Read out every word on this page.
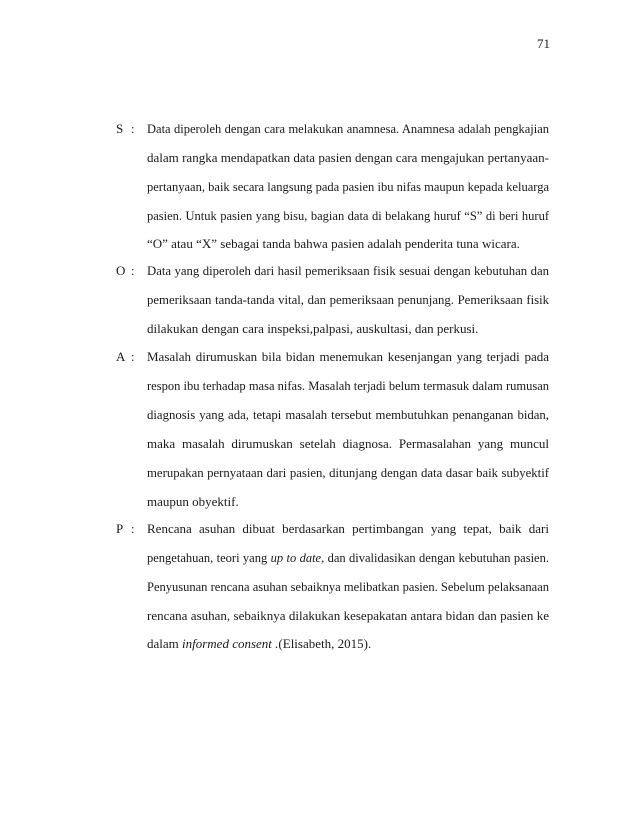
71
S : Data diperoleh dengan cara melakukan anamnesa. Anamnesa adalah pengkajian
dalam rangka mendapatkan data pasien dengan cara mengajukan pertanyaan-
pertanyaan, baik secara langsung pada pasien ibu nifas maupun kepada keluarga
pasien. Untuk pasien yang bisu, bagian data di belakang huruf “S” di beri huruf
“O” atau “X” sebagai tanda bahwa pasien adalah penderita tuna wicara.
O : Data yang diperoleh dari hasil pemeriksaan fisik sesuai dengan kebutuhan dan
pemeriksaan tanda-tanda vital, dan pemeriksaan penunjang. Pemeriksaan fisik
dilakukan dengan cara inspeksi,palpasi, auskultasi, dan perkusi.
A : Masalah dirumuskan bila bidan menemukan kesenjangan yang terjadi pada
respon ibu terhadap masa nifas. Masalah terjadi belum termasuk dalam rumusan
diagnosis yang ada, tetapi masalah tersebut membutuhkan penanganan bidan,
maka masalah dirumuskan setelah diagnosa. Permasalahan yang muncul
merupakan pernyataan dari pasien, ditunjang dengan data dasar baik subyektif
maupun obyektif.
P : Rencana asuhan dibuat berdasarkan pertimbangan yang tepat, baik dari
pengetahuan, teori yang up to date, dan divalidasikan dengan kebutuhan pasien.
Penyusunan rencana asuhan sebaiknya melibatkan pasien. Sebelum pelaksanaan
rencana asuhan, sebaiknya dilakukan kesepakatan antara bidan dan pasien ke
dalam informed consent .(Elisabeth, 2015).
